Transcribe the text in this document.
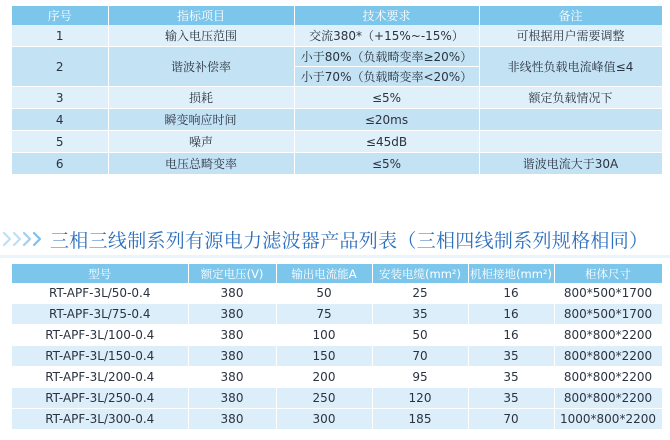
序号	指标项目	技术要求	备注
1	输入电压范围	交流380*（+15%~-15%）	可根据用户需要调整
2	谐波补偿率	小于80%（负载畸变率≥20%）	非线性负载电流峰值≤4
		小于70%（负载畸变率<20%）	
3	损耗	≤5%	额定负载情况下
4	瞬变响应时间	≤20ms	
5	噪声	≤45dB	
6	电压总畸变率	≤5%	谐波电流大于30A
三相三线制系列有源电力滤波器产品列表（三相四线制系列规格相同）
型号	额定电压(V)	输出电流能A	安装电缆(mm²)	机柜接地(mm²)	柜体尺寸
RT-APF-3L/50-0.4	380	50	25	16	800*500*1700
RT-APF-3L/75-0.4	380	75	35	16	800*500*1700
RT-APF-3L/100-0.4	380	100	50	16	800*800*2200
RT-APF-3L/150-0.4	380	150	70	35	800*800*2200
RT-APF-3L/200-0.4	380	200	95	35	800*800*2200
RT-APF-3L/250-0.4	380	250	120	35	800*800*2200
RT-APF-3L/300-0.4	380	300	185	70	1000*800*2200
